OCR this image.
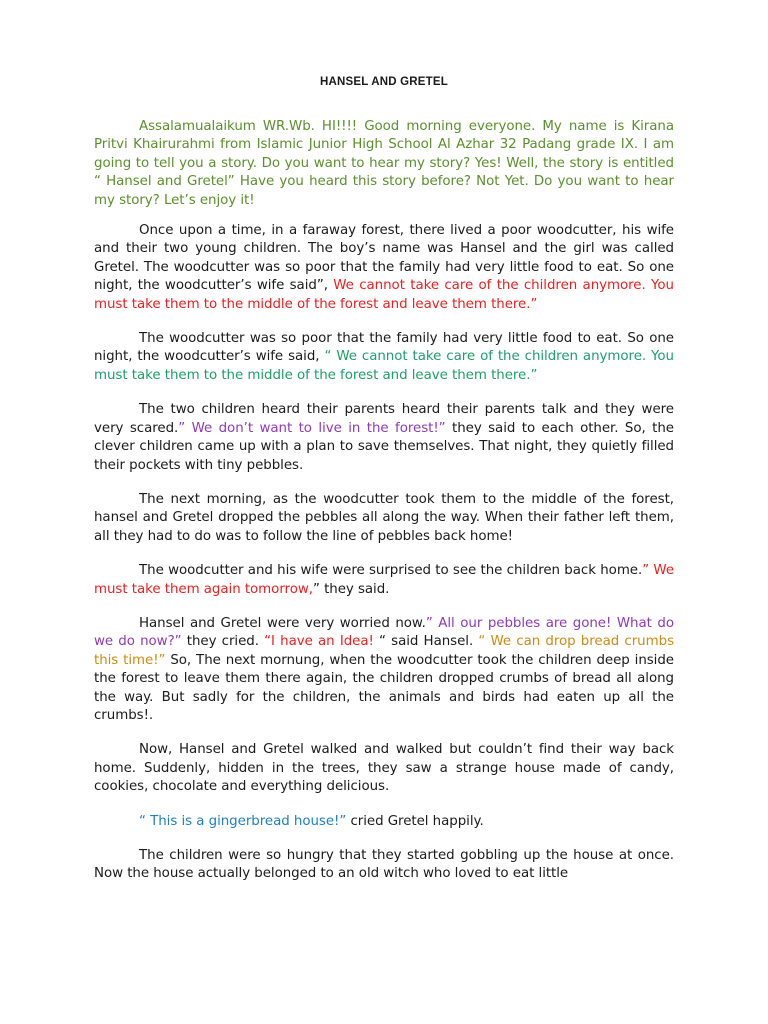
HANSEL AND GRETEL

Assalamualaikum WR.Wb. HI!!!! Good morning everyone. My name is Kirana Pritvi Khairurahmi from Islamic Junior High School Al Azhar 32 Padang grade IX. I am going to tell you a story. Do you want to hear my story? Yes! Well, the story is entitled “ Hansel and Gretel” Have you heard this story before? Not Yet. Do you want to hear my story? Let’s enjoy it!

Once upon a time, in a faraway forest, there lived a poor woodcutter, his wife and their two young children. The boy’s name was Hansel and the girl was called Gretel. The woodcutter was so poor that the family had very little food to eat. So one night, the woodcutter’s wife said”, We cannot take care of the children anymore. You must take them to the middle of the forest and leave them there.”

The woodcutter was so poor that the family had very little food to eat. So one night, the woodcutter’s wife said, “ We cannot take care of the children anymore. You must take them to the middle of the forest and leave them there.”

The two children heard their parents heard their parents talk and they were very scared.” We don’t want to live in the forest!” they said to each other. So, the clever children came up with a plan to save themselves. That night, they quietly filled their pockets with tiny pebbles.

The next morning, as the woodcutter took them to the middle of the forest, hansel and Gretel dropped the pebbles all along the way. When their father left them, all they had to do was to follow the line of pebbles back home!

The woodcutter and his wife were surprised to see the children back home.” We must take them again tomorrow,” they said.

Hansel and Gretel were very worried now.” All our pebbles are gone! What do we do now?” they cried. “I have an Idea! “ said Hansel. “ We can drop bread crumbs this time!” So, The next mornung, when the woodcutter took the children deep inside the forest to leave them there again, the children dropped crumbs of bread all along the way. But sadly for the children, the animals and birds had eaten up all the crumbs!.

Now, Hansel and Gretel walked and walked but couldn’t find their way back home. Suddenly, hidden in the trees, they saw a strange house made of candy, cookies, chocolate and everything delicious.

“ This is a gingerbread house!” cried Gretel happily.

The children were so hungry that they started gobbling up the house at once. Now the house actually belonged to an old witch who loved to eat little
